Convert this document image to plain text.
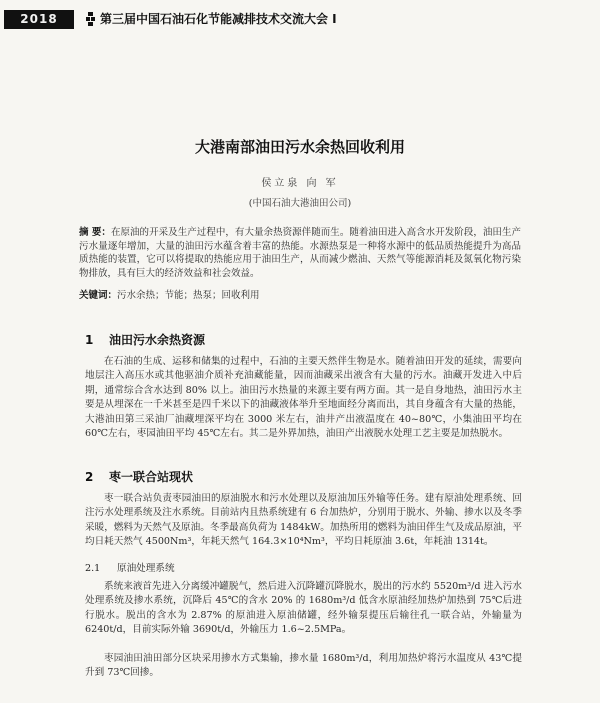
2018	第三届中国石油石化节能减排技术交流大会 I
大港南部油田污水余热回收利用
侯立泉 向 军
(中国石油大港油田公司)
摘 要：在原油的开采及生产过程中，有大量余热资源伴随而生。随着油田进入高含水开发阶段，油田生产污水量逐年增加，大量的油田污水蕴含着丰富的热能。水源热泵是一种将水源中的低品质热能提升为高品质热能的装置，它可以将提取的热能应用于油田生产，从而减少燃油、天然气等能源消耗及氮氧化物污染物排放，具有巨大的经济效益和社会效益。
关键词：污水余热；节能；热泵；回收利用
1 油田污水余热资源
在石油的生成、运移和储集的过程中，石油的主要天然伴生物是水。随着油田开发的延续，需要向地层注入高压水或其他驱油介质补充油藏能量，因而油藏采出液含有大量的污水。油藏开发进入中后期，通常综合含水达到 80% 以上。油田污水热量的来源主要有两方面。其一是自身地热，油田污水主要是从埋深在一千米甚至是四千米以下的油藏液体举升至地面经分离而出，其自身蕴含有大量的热能，大港油田第三采油厂油藏埋深平均在 3000 米左右，油井产出液温度在 40~80℃，小集油田平均在 60℃左右，枣园油田平均 45℃左右。其二是外界加热，油田产出液脱水处理工艺主要是加热脱水。
2 枣一联合站现状
枣一联合站负责枣园油田的原油脱水和污水处理以及原油加压外输等任务。建有原油处理系统、回注污水处理系统及注水系统。目前站内且热系统建有 6 台加热炉，分别用于脱水、外输、掺水以及冬季采暖，燃料为天然气及原油。冬季最高负荷为 1484kW。加热所用的燃料为油田伴生气及成品原油，平均日耗天然气 4500Nm³，年耗天然气 164.3×10⁴Nm³，平均日耗原油 3.6t，年耗油 1314t。
2.1 原油处理系统
系统来液首先进入分离缓冲罐脱气，然后进入沉降罐沉降脱水，脱出的污水约 5520m³/d 进入污水处理系统及掺水系统，沉降后 45℃的含水 20% 的 1680m³/d 低含水原油经加热炉加热到 75℃后进行脱水。脱出的含水为 2.87% 的原油进入原油储罐，经外输泵提压后输往孔一联合站，外输量为 6240t/d，目前实际外输 3690t/d，外输压力 1.6~2.5MPa。
枣园油田油田部分区块采用掺水方式集输，掺水量 1680m³/d，利用加热炉将污水温度从 43℃提升到 73℃回掺。
